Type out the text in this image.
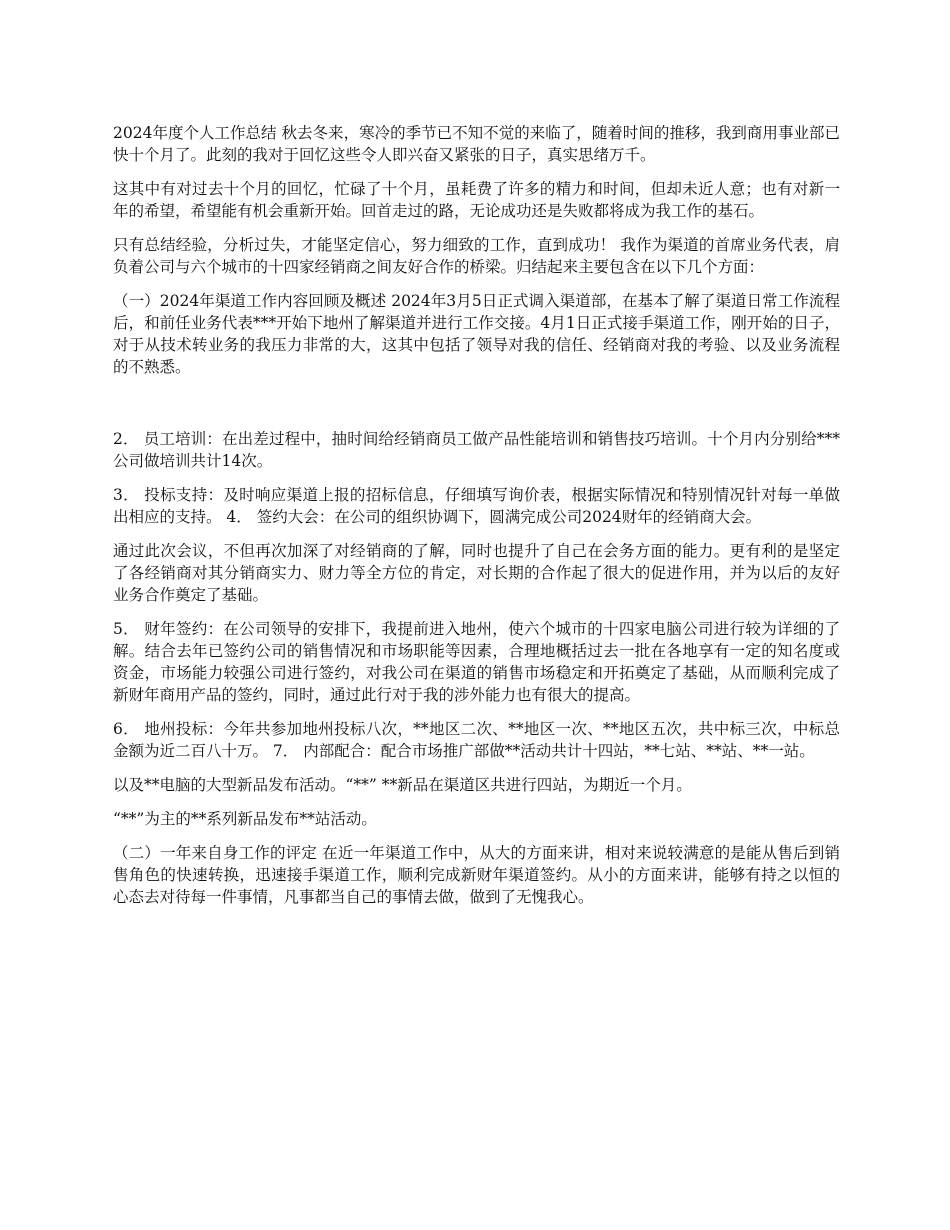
2024年度个人工作总结 秋去冬来，寒冷的季节已不知不觉的来临了，随着时间的推移，我到商用事业部已快十个月了。此刻的我对于回忆这些令人即兴奋又紧张的日子，真实思绪万千。

这其中有对过去十个月的回忆，忙碌了十个月，虽耗费了许多的精力和时间，但却未近人意；也有对新一年的希望，希望能有机会重新开始。回首走过的路，无论成功还是失败都将成为我工作的基石。

只有总结经验，分析过失，才能坚定信心，努力细致的工作，直到成功！ 我作为渠道的首席业务代表，肩负着公司与六个城市的十四家经销商之间友好合作的桥梁。归结起来主要包含在以下几个方面：

（一）2024年渠道工作内容回顾及概述 2024年3月5日正式调入渠道部，在基本了解了渠道日常工作流程后，和前任业务代表***开始下地州了解渠道并进行工作交接。4月1日正式接手渠道工作，刚开始的日子，对于从技术转业务的我压力非常的大，这其中包括了领导对我的信任、经销商对我的考验、以及业务流程的不熟悉。

2． 员工培训：在出差过程中，抽时间给经销商员工做产品性能培训和销售技巧培训。十个月内分别给***公司做培训共计14次。

3． 投标支持：及时响应渠道上报的招标信息，仔细填写询价表，根据实际情况和特别情况针对每一单做出相应的支持。 4． 签约大会：在公司的组织协调下，圆满完成公司2024财年的经销商大会。

通过此次会议，不但再次加深了对经销商的了解，同时也提升了自己在会务方面的能力。更有利的是坚定了各经销商对其分销商实力、财力等全方位的肯定，对长期的合作起了很大的促进作用，并为以后的友好业务合作奠定了基础。

5． 财年签约：在公司领导的安排下，我提前进入地州，使六个城市的十四家电脑公司进行较为详细的了解。结合去年已签约公司的销售情况和市场职能等因素，合理地概括过去一批在各地享有一定的知名度或资金，市场能力较强公司进行签约，对我公司在渠道的销售市场稳定和开拓奠定了基础，从而顺利完成了新财年商用产品的签约，同时，通过此行对于我的涉外能力也有很大的提高。

6． 地州投标：今年共参加地州投标八次，**地区二次、**地区一次、**地区五次，共中标三次，中标总金额为近二百八十万。 7． 内部配合：配合市场推广部做**活动共计十四站，**七站、**站、**一站。

以及**电脑的大型新品发布活动。“**” **新品在渠道区共进行四站，为期近一个月。

“**”为主的**系列新品发布**站活动。

（二）一年来自身工作的评定 在近一年渠道工作中，从大的方面来讲，相对来说较满意的是能从售后到销售角色的快速转换，迅速接手渠道工作，顺利完成新财年渠道签约。从小的方面来讲，能够有持之以恒的心态去对待每一件事情，凡事都当自己的事情去做，做到了无愧我心。
